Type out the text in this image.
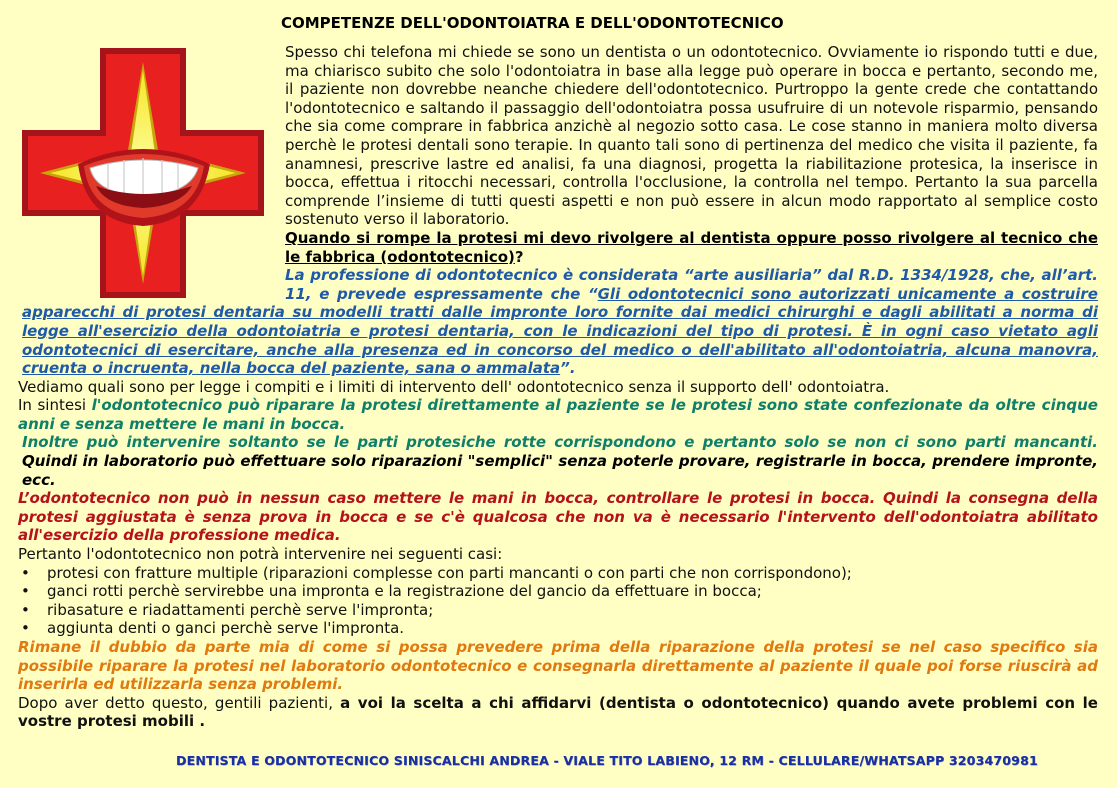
COMPETENZE DELL'ODONTOIATRA E DELL'ODONTOTECNICO

Spesso chi telefona mi chiede se sono un dentista o un odontotecnico. Ovviamente io rispondo tutti e due, ma chiarisco subito che solo l'odontoiatra in base alla legge può operare in bocca e pertanto, secondo me, il paziente non dovrebbe neanche chiedere dell'odontotecnico. Purtroppo la gente crede che contattando l'odontotecnico e saltando il passaggio dell'odontoiatra possa usufruire di un notevole risparmio, pensando che sia come comprare in fabbrica anzichè al negozio sotto casa. Le cose stanno in maniera molto diversa perchè le protesi dentali sono terapie. In quanto tali sono di pertinenza del medico che visita il paziente, fa anamnesi, prescrive lastre ed analisi, fa una diagnosi, progetta la riabilitazione protesica, la inserisce in bocca, effettua i ritocchi necessari, controlla l'occlusione, la controlla nel tempo. Pertanto la sua parcella comprende l’insieme di tutti questi aspetti e non può essere in alcun modo rapportato al semplice costo sostenuto verso il laboratorio.

Quando si rompe la protesi mi devo rivolgere al dentista oppure posso rivolgere al tecnico che le fabbrica (odontotecnico)?

La professione di odontotecnico è considerata “arte ausiliaria” dal R.D. 1334/1928, che, all’art. 11, e prevede espressamente che “Gli odontotecnici sono autorizzati unicamente a costruire apparecchi di protesi dentaria su modelli tratti dalle impronte loro fornite dai medici chirurghi e dagli abilitati a norma di legge all'esercizio della odontoiatria e protesi dentaria, con le indicazioni del tipo di protesi. È in ogni caso vietato agli odontotecnici di esercitare, anche alla presenza ed in concorso del medico o dell'abilitato all'odontoiatria, alcuna manovra, cruenta o incruenta, nella bocca del paziente, sana o ammalata”.

Vediamo quali sono per legge i compiti e i limiti di intervento dell' odontotecnico senza il supporto dell' odontoiatra.

In sintesi l'odontotecnico può riparare la protesi direttamente al paziente se le protesi sono state confezionate da oltre cinque anni e senza mettere le mani in bocca.

Inoltre può intervenire soltanto se le parti protesiche rotte corrispondono e pertanto solo se non ci sono parti mancanti. Quindi in laboratorio può effettuare solo riparazioni "semplici" senza poterle provare, registrarle in bocca, prendere impronte, ecc.

L’odontotecnico non può in nessun caso mettere le mani in bocca, controllare le protesi in bocca. Quindi la consegna della protesi aggiustata è senza prova in bocca e se c'è qualcosa che non va è necessario l'intervento dell'odontoiatra abilitato all'esercizio della professione medica.

Pertanto l'odontotecnico non potrà intervenire nei seguenti casi:

• protesi con fratture multiple (riparazioni complesse con parti mancanti o con parti che non corrispondono);
• ganci rotti perchè servirebbe una impronta e la registrazione del gancio da effettuare in bocca;
• ribasature e riadattamenti perchè serve l'impronta;
• aggiunta denti o ganci perchè serve l'impronta.

Rimane il dubbio da parte mia di come si possa prevedere prima della riparazione della protesi se nel caso specifico sia possibile riparare la protesi nel laboratorio odontotecnico e consegnarla direttamente al paziente il quale poi forse riuscirà ad inserirla ed utilizzarla senza problemi.

Dopo aver detto questo, gentili pazienti, a voi la scelta a chi affidarvi (dentista o odontotecnico) quando avete problemi con le vostre protesi mobili .

DENTISTA E ODONTOTECNICO SINISCALCHI ANDREA - VIALE TITO LABIENO, 12 RM - CELLULARE/WHATSAPP 3203470981
